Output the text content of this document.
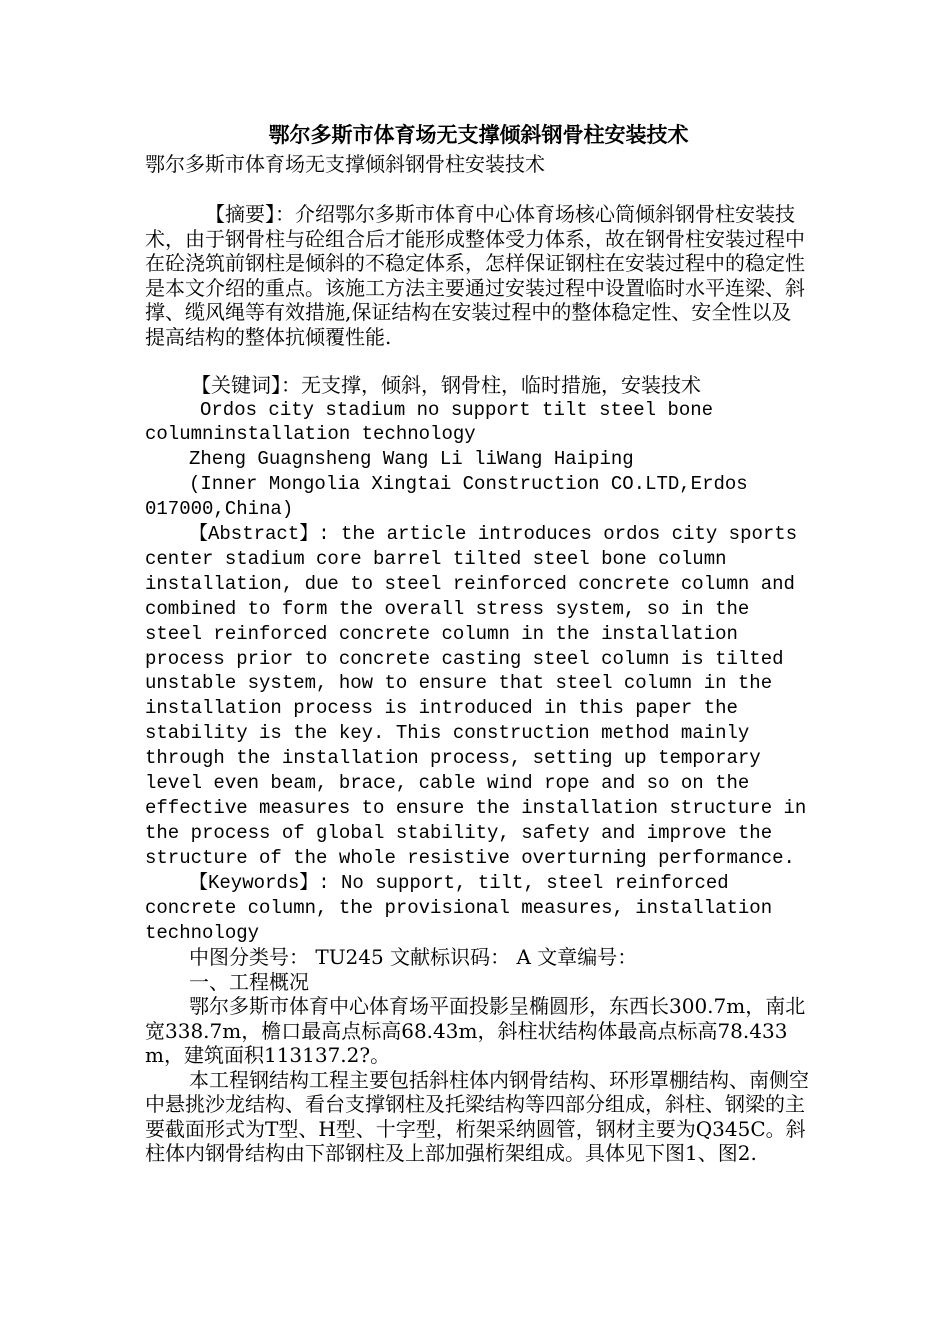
鄂尔多斯市体育场无支撑倾斜钢骨柱安装技术

鄂尔多斯市体育场无支撑倾斜钢骨柱安装技术

【摘要】：介绍鄂尔多斯市体育中心体育场核心筒倾斜钢骨柱安装技术，由于钢骨柱与砼组合后才能形成整体受力体系，故在钢骨柱安装过程中在砼浇筑前钢柱是倾斜的不稳定体系，怎样保证钢柱在安装过程中的稳定性是本文介绍的重点。该施工方法主要通过安装过程中设置临时水平连梁、斜撑、缆风绳等有效措施,保证结构在安装过程中的整体稳定性、安全性以及提高结构的整体抗倾覆性能.

【关键词】：无支撑，倾斜，钢骨柱，临时措施，安装技术

Ordos city stadium no support tilt steel bone columninstallation technology

Zheng Guagnsheng Wang Li liWang Haiping

(Inner Mongolia Xingtai Construction CO.LTD,Erdos 017000,China)

【Abstract】: the article introduces ordos city sports center stadium core barrel tilted steel bone column installation, due to steel reinforced concrete column and combined to form the overall stress system, so in the steel reinforced concrete column in the installation process prior to concrete casting steel column is tilted unstable system, how to ensure that steel column in the installation process is introduced in this paper the stability is the key. This construction method mainly through the installation process, setting up temporary level even beam, brace, cable wind rope and so on the effective measures to ensure the installation structure in the process of global stability, safety and improve the structure of the whole resistive overturning performance.

【Keywords】: No support, tilt, steel reinforced concrete column, the provisional measures, installation technology

中图分类号： TU245 文献标识码： A 文章编号：

一、工程概况

鄂尔多斯市体育中心体育场平面投影呈椭圆形，东西长300.7m，南北宽338.7m，檐口最高点标高68.43m，斜柱状结构体最高点标高78.433m，建筑面积113137.2?。

本工程钢结构工程主要包括斜柱体内钢骨结构、环形罩棚结构、南侧空中悬挑沙龙结构、看台支撑钢柱及托梁结构等四部分组成，斜柱、钢梁的主要截面形式为T型、H型、十字型，桁架采纳圆管，钢材主要为Q345C。斜柱体内钢骨结构由下部钢柱及上部加强桁架组成。具体见下图1、图2.
